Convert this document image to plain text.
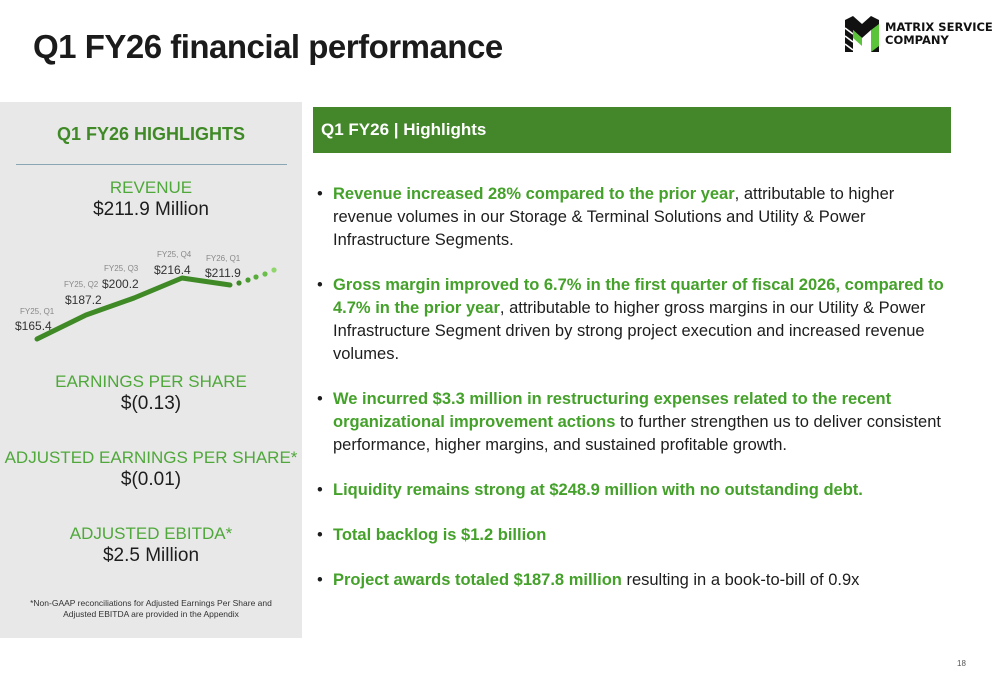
Q1 FY26 financial performance
MATRIX SERVICE
COMPANY
Q1 FY26 HIGHLIGHTS
REVENUE
$211.9 Million
FY25, Q1
FY25, Q2
FY25, Q3
FY25, Q4 FY26, Q1
$165.4
$187.2
$200.2
$216.4 $211.9
EARNINGS PER SHARE
$(0.13)
ADJUSTED EARNINGS PER SHARE*
$(0.01)
ADJUSTED EBITDA*
$2.5 Million
*Non-GAAP reconciliations for Adjusted Earnings Per Share and
Adjusted EBITDA are provided in the Appendix
Q1 FY26 | Highlights
• Revenue increased 28% compared to the prior year, attributable to higher revenue volumes in our Storage & Terminal Solutions and Utility & Power Infrastructure Segments.
• Gross margin improved to 6.7% in the first quarter of fiscal 2026, compared to 4.7% in the prior year, attributable to higher gross margins in our Utility & Power Infrastructure Segment driven by strong project execution and increased revenue volumes.
• We incurred $3.3 million in restructuring expenses related to the recent organizational improvement actions to further strengthen us to deliver consistent performance, higher margins, and sustained profitable growth.
• Liquidity remains strong at $248.9 million with no outstanding debt.
• Total backlog is $1.2 billion
• Project awards totaled $187.8 million resulting in a book-to-bill of 0.9x
18
